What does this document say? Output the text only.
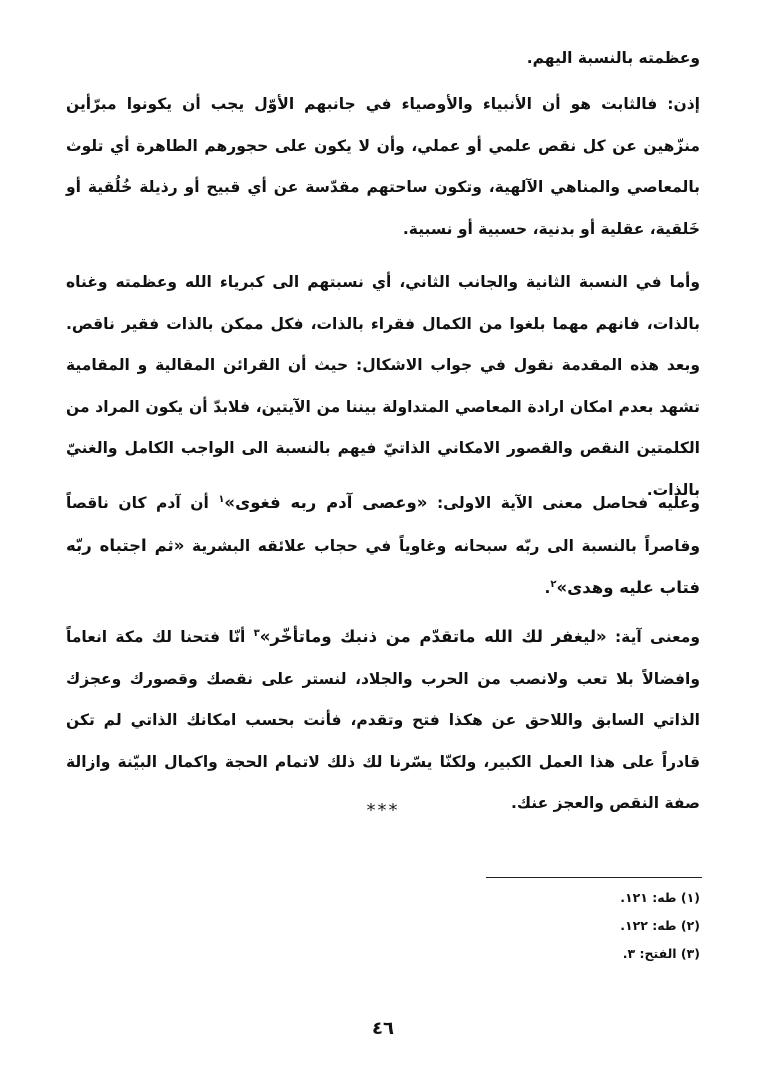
وعظمته بالنسبة اليهم.

إذن: فالثابت هو أن الأنبياء والأوصياء في جانبهم الأوّل يجب أن يكونوا مبرّأين منزّهين عن كل نقص علمي أو عملي، وأن لا يكون على حجورهم الطاهرة أي تلوث بالمعاصي والمناهي الآلهية، وتكون ساحتهم مقدّسة عن أي قبيح أو رذيلة خُلُقية أو خَلقية، عقلية أو بدنية، حسبية أو نسبية.

وأما في النسبة الثانية والجانب الثاني، أي نسبتهم الى كبرياء الله وعظمته وغناه بالذات، فانهم مهما بلغوا من الكمال فقراء بالذات، فكل ممكن بالذات فقير ناقص. وبعد هذه المقدمة نقول في جواب الاشكال: حيث أن القرائن المقالية و المقامية تشهد بعدم امكان ارادة المعاصي المتداولة بيننا من الآيتين، فلابدّ أن يكون المراد من الكلمتين النقص والقصور الامكاني الذاتيّ فيهم بالنسبة الى الواجب الكامل والغنيّ بالذات.

وعليه فحاصل معنى الآية الاولى: «وعصى آدم ربه فغوى»$^١$ أن آدم كان ناقصاً وقاصراً بالنسبة الى ربّه سبحانه وغاوياً في حجاب علائقه البشرية «ثم اجتباه ربّه فتاب عليه وهدى»$^٢$.

ومعنى آية: «ليغفر لك الله ماتقدّم من ذنبك وماتأخّر»$^٣$ أنّا فتحنا لك مكة انعاماً وافضالاً بلا تعب ولانصب من الحرب والجلاد، لنستر على نقصك وقصورك وعجزك الذاتي السابق واللاحق عن هكذا فتح وتقدم، فأنت بحسب امكانك الذاتي لم تكن قادراً على هذا العمل الكبير، ولكنّا يسّرنا لك ذلك لاتمام الحجة واكمال البيّنة وازالة صفة النقص والعجز عنك.

***
(١) طه: ١٢١.
(٢) طه: ١٢٢.
(٣) الفتح: ٣.
٤٦
